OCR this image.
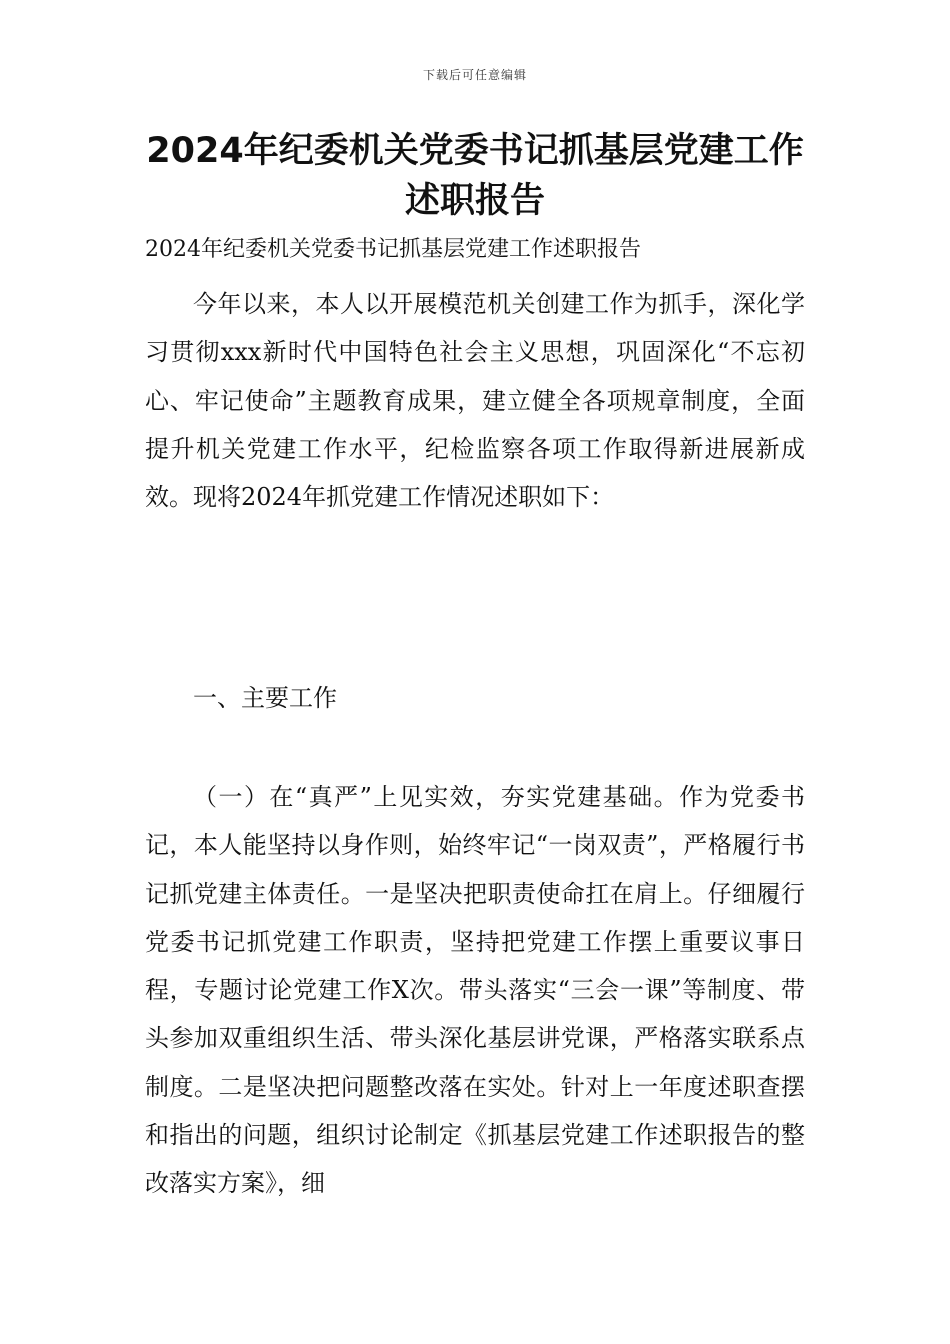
下载后可任意编辑
2024年纪委机关党委书记抓基层党建工作述职报告
2024年纪委机关党委书记抓基层党建工作述职报告

今年以来，本人以开展模范机关创建工作为抓手，深化学习贯彻xxx新时代中国特色社会主义思想，巩固深化“不忘初心、牢记使命”主题教育成果，建立健全各项规章制度，全面提升机关党建工作水平，纪检监察各项工作取得新进展新成效。现将2024年抓党建工作情况述职如下：

一、主要工作

（一）在“真严”上见实效，夯实党建基础。作为党委书记，本人能坚持以身作则，始终牢记“一岗双责”，严格履行书记抓党建主体责任。一是坚决把职责使命扛在肩上。仔细履行党委书记抓党建工作职责，坚持把党建工作摆上重要议事日程，专题讨论党建工作X次。带头落实“三会一课”等制度、带头参加双重组织生活、带头深化基层讲党课，严格落实联系点制度。二是坚决把问题整改落在实处。针对上一年度述职查摆和指出的问题，组织讨论制定《抓基层党建工作述职报告的整改落实方案》，细
